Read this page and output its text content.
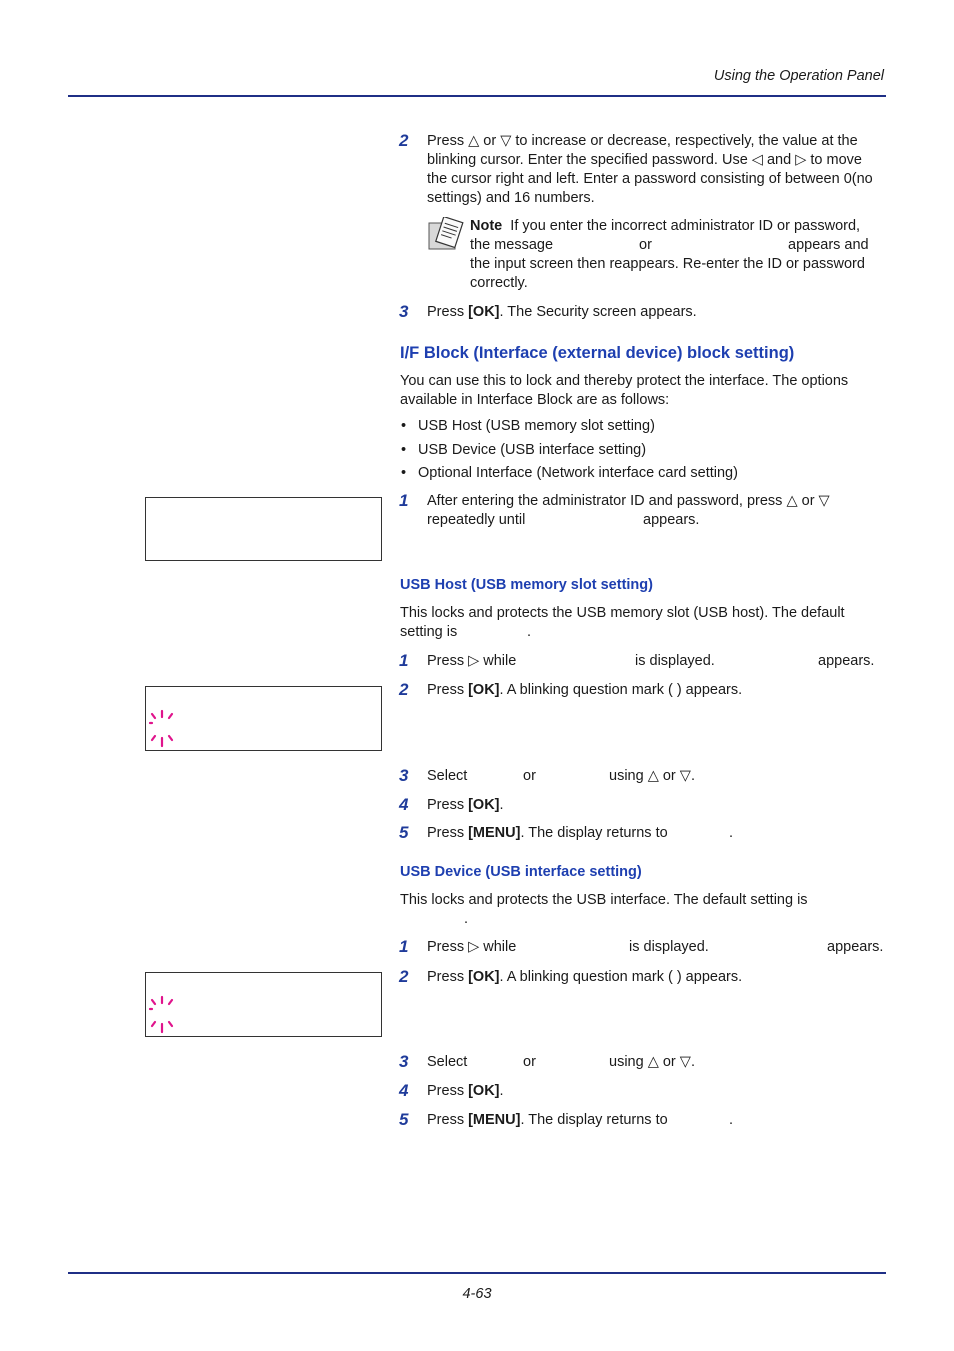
Using the Operation Panel
2 Press △ or ▽ to increase or decrease, respectively, the value at the
blinking cursor. Enter the specified password. Use ◁ and ▷ to move
the cursor right and left. Enter a password consisting of between 0(no
settings) and 16 numbers.
Note If you enter the incorrect administrator ID or password,
the message	or	appears and
the input screen then reappears. Re-enter the ID or password
correctly.
3 Press [OK]. The Security screen appears.
I/F Block (Interface (external device) block setting)
You can use this to lock and thereby protect the interface. The options
available in Interface Block are as follows:
• USB Host (USB memory slot setting)
• USB Device (USB interface setting)
• Optional Interface (Network interface card setting)
1 After entering the administrator ID and password, press △ or ▽
repeatedly until	appears.
USB Host (USB memory slot setting)
This locks and protects the USB memory slot (USB host). The default
setting is	.
1 Press ▷ while	is displayed.	appears.
2 Press [OK]. A blinking question mark ( ) appears.
3 Select	or	using △ or ▽.
4 Press [OK].
5 Press [MENU]. The display returns to	.
USB Device (USB interface setting)
This locks and protects the USB interface. The default setting is
.
1 Press ▷ while	is displayed.	appears.
2 Press [OK]. A blinking question mark ( ) appears.
3 Select	or	using △ or ▽.
4 Press [OK].
5 Press [MENU]. The display returns to	.
4-63
